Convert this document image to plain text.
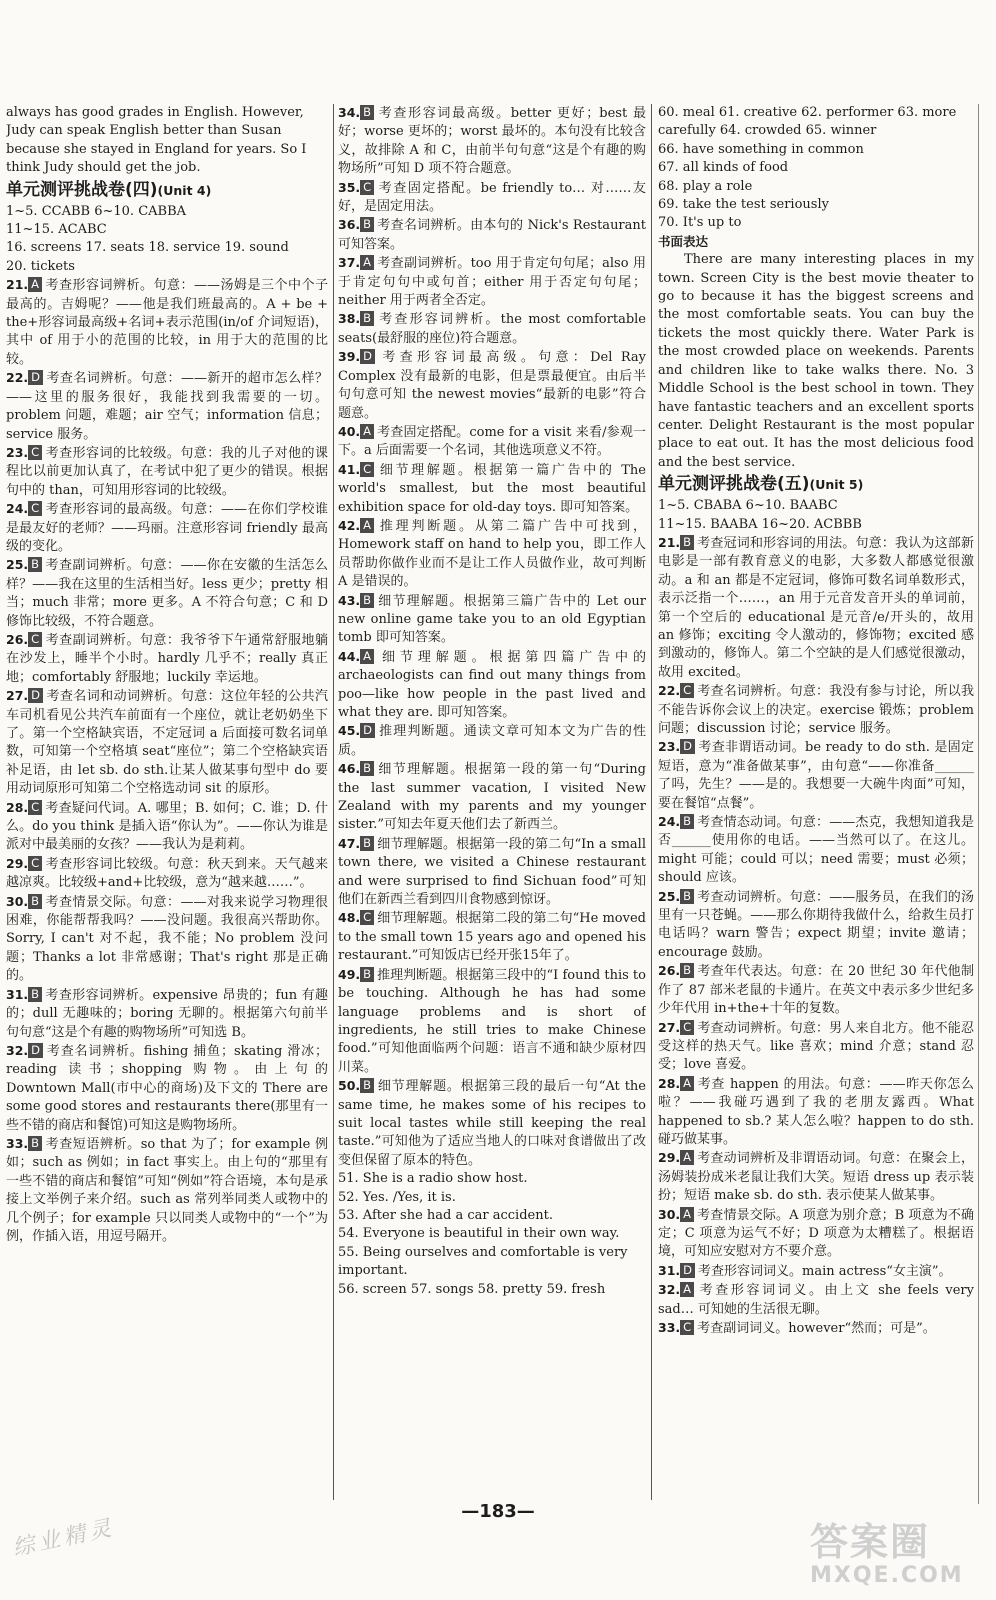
always has good grades in English. However, Judy can speak English better than Susan because she stayed in England for years. So I think Judy should get the job.

单元测评挑战卷(四)(Unit 4)

1~5. CCABB 6~10. CABBA

11~15. ACABC

16. screens 17. seats 18. service 19. sound

20. tickets

21. A 考查形容词辨析。句意：——汤姆是三个中个子最高的。吉姆呢？——他是我们班最高的。A + be + the+形容词最高级+名词+表示范围(in/of 介词短语)，其中 of 用于小的范围的比较，in 用于大的范围的比较。

22. D 考查名词辨析。句意：——新开的超市怎么样？——这里的服务很好，我能找到我需要的一切。problem 问题，难题；air 空气；information 信息；service 服务。

23. C 考查形容词的比较级。句意：我的儿子对他的课程比以前更加认真了，在考试中犯了更少的错误。根据句中的 than，可知用形容词的比较级。

24. C 考查形容词的最高级。句意：——在你们学校谁是最友好的老师？——玛丽。注意形容词 friendly 最高级的变化。

25. B 考查副词辨析。句意：——你在安徽的生活怎么样？——我在这里的生活相当好。less 更少；pretty 相当；much 非常；more 更多。A 不符合句意；C 和 D 修饰比较级，不符合题意。

26. C 考查副词辨析。句意：我爷爷下午通常舒服地躺在沙发上，睡半个小时。hardly 几乎不；really 真正地；comfortably 舒服地；luckily 幸运地。

27. D 考查名词和动词辨析。句意：这位年轻的公共汽车司机看见公共汽车前面有一个座位，就让老奶奶坐下了。第一个空格缺宾语，不定冠词 a 后面接可数名词单数，可知第一个空格填 seat“座位”；第二个空格缺宾语补足语，由 let sb. do sth.让某人做某事句型中 do 要用动词原形可知第二个空格选动词 sit 的原形。

28. C 考查疑问代词。A. 哪里；B. 如何；C. 谁；D. 什么。do you think 是插入语“你认为”。——你认为谁是派对中最美丽的女孩？——我认为是莉莉。

29. C 考查形容词比较级。句意：秋天到来。天气越来越凉爽。比较级+and+比较级，意为“越来越……”。

30. B 考查情景交际。句意：——对我来说学习物理很困难，你能帮帮我吗？——没问题。我很高兴帮助你。Sorry, I can't 对不起，我不能；No problem 没问题；Thanks a lot 非常感谢；That's right 那是正确的。

31. B 考查形容词辨析。expensive 昂贵的；fun 有趣的；dull 无趣味的；boring 无聊的。根据第六句前半句句意“这是个有趣的购物场所”可知选 B。

32. D 考查名词辨析。fishing 捕鱼；skating 滑冰；reading 读书；shopping 购物。由上句的 Downtown Mall(市中心的商场)及下文的 There are some good stores and restaurants there(那里有一些不错的商店和餐馆)可知这是购物场所。

33. B 考查短语辨析。so that 为了；for example 例如；such as 例如；in fact 事实上。由上句的“那里有一些不错的商店和餐馆”可知“例如”符合语境，本句是承接上文举例子来介绍。such as 常列举同类人或物中的几个例子；for example 只以同类人或物中的“一个”为例，作插入语，用逗号隔开。

34. B 考查形容词最高级。better 更好；best 最好；worse 更坏的；worst 最坏的。本句没有比较含义，故排除 A 和 C，由前半句句意“这是个有趣的购物场所”可知 D 项不符合题意。

35. C 考查固定搭配。be friendly to… 对……友好，是固定用法。

36. B 考查名词辨析。由本句的 Nick's Restaurant 可知答案。

37. A 考查副词辨析。too 用于肯定句句尾；also 用于肯定句句中或句首；either 用于否定句句尾；neither 用于两者全否定。

38. B 考查形容词辨析。the most comfortable seats(最舒服的座位)符合题意。

39. D 考查形容词最高级。句意：Del Ray Complex 没有最新的电影，但是票最便宜。由后半句句意可知 the newest movies“最新的电影”符合题意。

40. A 考查固定搭配。come for a visit 来看/参观一下。a 后面需要一个名词，其他选项意义不符。

41. C 细节理解题。根据第一篇广告中的 The world's smallest, but the most beautiful exhibition space for old-day toys. 即可知答案。

42. A 推理判断题。从第二篇广告中可找到，Homework staff on hand to help you，即工作人员帮助你做作业而不是让工作人员做作业，故可判断 A 是错误的。

43. B 细节理解题。根据第三篇广告中的 Let our new online game take you to an old Egyptian tomb 即可知答案。

44. A 细节理解题。根据第四篇广告中的 archaeologists can find out many things from poo—like how people in the past lived and what they are. 即可知答案。

45. D 推理判断题。通读文章可知本文为广告的性质。

46. B 细节理解题。根据第一段的第一句“During the last summer vacation, I visited New Zealand with my parents and my younger sister.”可知去年夏天他们去了新西兰。

47. B 细节理解题。根据第一段的第二句“In a small town there, we visited a Chinese restaurant and were surprised to find Sichuan food”可知他们在新西兰看到四川食物感到惊讶。

48. C 细节理解题。根据第二段的第二句“He moved to the small town 15 years ago and opened his restaurant.”可知饭店已经开张15年了。

49. B 推理判断题。根据第三段中的“I found this to be touching. Although he has had some language problems and is short of ingredients, he still tries to make Chinese food.”可知他面临两个问题：语言不通和缺少原材四川菜。

50. B 细节理解题。根据第三段的最后一句“At the same time, he makes some of his recipes to suit local tastes while still keeping the real taste.”可知他为了适应当地人的口味对食谱做出了改变但保留了原本的特色。

51. She is a radio show host.

52. Yes. /Yes, it is.

53. After she had a car accident.

54. Everyone is beautiful in their own way.

55. Being ourselves and comfortable is very important.

56. screen 57. songs 58. pretty 59. fresh

60. meal 61. creative 62. performer 63. more carefully 64. crowded 65. winner

66. have something in common

67. all kinds of food

68. play a role

69. take the test seriously

70. It's up to

书面表达

There are many interesting places in my town. Screen City is the best movie theater to go to because it has the biggest screens and the most comfortable seats. You can buy the tickets the most quickly there. Water Park is the most crowded place on weekends. Parents and children like to take walks there. No. 3 Middle School is the best school in town. They have fantastic teachers and an excellent sports center. Delight Restaurant is the most popular place to eat out. It has the most delicious food and the best service.

单元测评挑战卷(五)(Unit 5)

1~5. CBABA 6~10. BAABC

11~15. BAABA 16~20. ACBBB

21. B 考查冠词和形容词的用法。句意：我认为这部新电影是一部有教育意义的电影，大多数人都感觉很激动。a 和 an 都是不定冠词，修饰可数名词单数形式，表示泛指一个……，an 用于元音发音开头的单词前，第一个空后的 educational 是元音/e/开头的，故用 an 修饰；exciting 令人激动的，修饰物；excited 感到激动的，修饰人。第二个空缺的是人们感觉很激动，故用 excited。

22. C 考查名词辨析。句意：我没有参与讨论，所以我不能告诉你会议上的决定。exercise 锻炼；problem 问题；discussion 讨论；service 服务。

23. D 考查非谓语动词。be ready to do sth. 是固定短语，意为“准备做某事”，由句意“——你准备______了吗，先生？——是的。我想要一大碗牛肉面”可知，要在餐馆“点餐”。

24. B 考查情态动词。句意：——杰克，我想知道我是否______使用你的电话。——当然可以了。在这儿。might 可能；could 可以；need 需要；must 必须；should 应该。

25. B 考查动词辨析。句意：——服务员，在我们的汤里有一只苍蝇。——那么你期待我做什么，给救生员打电话吗？warn 警告；expect 期望；invite 邀请；encourage 鼓励。

26. B 考查年代表达。句意：在 20 世纪 30 年代他制作了 87 部米老鼠的卡通片。在英文中表示多少世纪多少年代用 in+the+十年的复数。

27. C 考查动词辨析。句意：男人来自北方。他不能忍受这样的热天气。like 喜欢；mind 介意；stand 忍受；love 喜爱。

28. A 考查 happen 的用法。句意：——昨天你怎么啦？——我碰巧遇到了我的老朋友露西。What happened to sb.? 某人怎么啦？happen to do sth. 碰巧做某事。

29. A 考查动词辨析及非谓语动词。句意：在聚会上，汤姆装扮成米老鼠让我们大笑。短语 dress up 表示装扮；短语 make sb. do sth. 表示使某人做某事。

30. A 考查情景交际。A 项意为别介意；B 项意为不确定；C 项意为运气不好；D 项意为太糟糕了。根据语境，可知应安慰对方不要介意。

31. D 考查形容词词义。main actress“女主演”。

32. A 考查形容词词义。由上文 she feels very sad… 可知她的生活很无聊。

33. C 考查副词词义。however“然而；可是”。

—183—
综业精灵	答案圈
MXQE.COM
